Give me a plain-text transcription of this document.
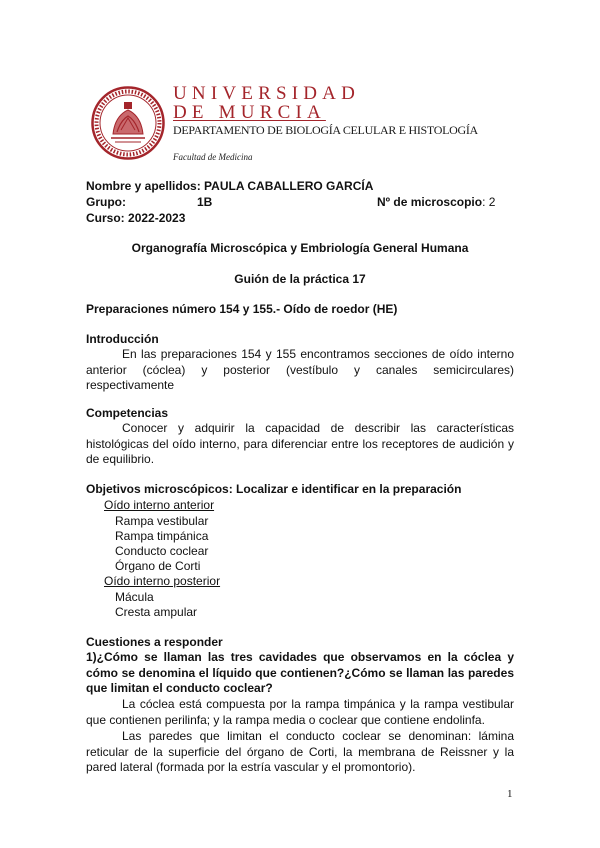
UNIVERSIDAD
DE MURCIA
DEPARTAMENTO DE BIOLOGÍA CELULAR E HISTOLOGÍA
Facultad de Medicina
Nombre y apellidos: PAULA CABALLERO GARCÍA
Grupo:	1B	Nº de microscopio: 2
Curso: 2022-2023
Organografía Microscópica y Embriología General Humana
Guión de la práctica 17
Preparaciones número 154 y 155.- Oído de roedor (HE)
Introducción
En las preparaciones 154 y 155 encontramos secciones de oído interno anterior (cóclea) y posterior (vestíbulo y canales semicirculares) respectivamente
Competencias
Conocer y adquirir la capacidad de describir las características histológicas del oído interno, para diferenciar entre los receptores de audición y de equilibrio.
Objetivos microscópicos: Localizar e identificar en la preparación
Oído interno anterior
Rampa vestibular
Rampa timpánica
Conducto coclear
Órgano de Corti
Oído interno posterior
Mácula
Cresta ampular
Cuestiones a responder
1)¿Cómo se llaman las tres cavidades que observamos en la cóclea y cómo se denomina el líquido que contienen?¿Cómo se llaman las paredes que limitan el conducto coclear?
La cóclea está compuesta por la rampa timpánica y la rampa vestibular que contienen perilinfa; y la rampa media o coclear que contiene endolinfa.
Las paredes que limitan el conducto coclear se denominan: lámina reticular de la superficie del órgano de Corti, la membrana de Reissner y la pared lateral (formada por la estría vascular y el promontorio).
1
